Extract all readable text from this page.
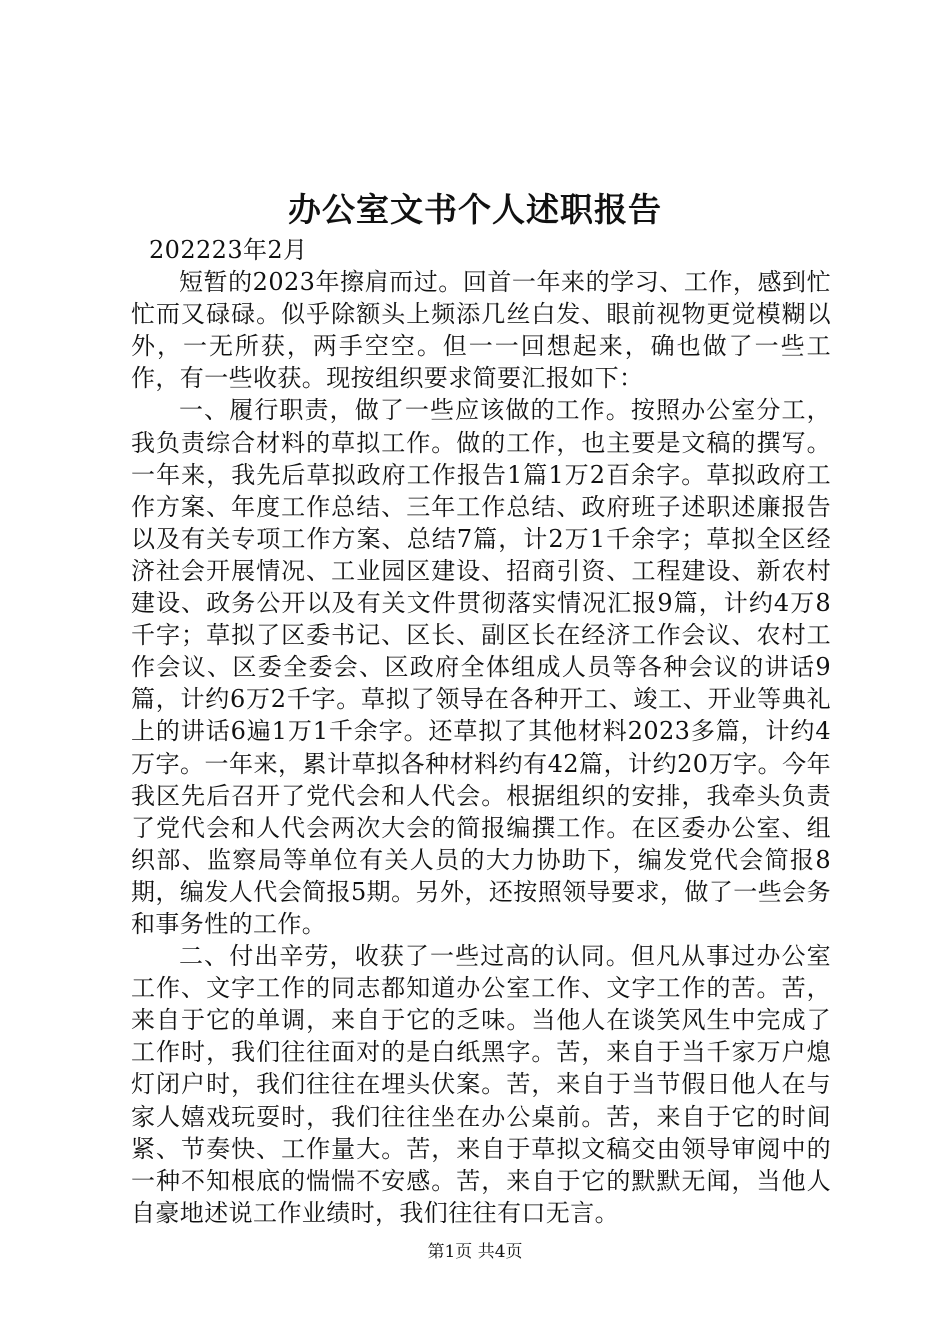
办公室文书个人述职报告

202223年2月

短暂的2023年擦肩而过。回首一年来的学习、工作，感到忙忙而又碌碌。似乎除额头上频添几丝白发、眼前视物更觉模糊以外，一无所获，两手空空。但一一回想起来，确也做了一些工作，有一些收获。现按组织要求简要汇报如下：

一、履行职责，做了一些应该做的工作。按照办公室分工，我负责综合材料的草拟工作。做的工作，也主要是文稿的撰写。一年来，我先后草拟政府工作报告1篇1万2百余字。草拟政府工作方案、年度工作总结、三年工作总结、政府班子述职述廉报告以及有关专项工作方案、总结7篇，计2万1千余字；草拟全区经济社会开展情况、工业园区建设、招商引资、工程建设、新农村建设、政务公开以及有关文件贯彻落实情况汇报9篇，计约4万8千字；草拟了区委书记、区长、副区长在经济工作会议、农村工作会议、区委全委会、区政府全体组成人员等各种会议的讲话9篇，计约6万2千字。草拟了领导在各种开工、竣工、开业等典礼上的讲话6遍1万1千余字。还草拟了其他材料2023多篇，计约4万字。一年来，累计草拟各种材料约有42篇，计约20万字。今年我区先后召开了党代会和人代会。根据组织的安排，我牵头负责了党代会和人代会两次大会的简报编撰工作。在区委办公室、组织部、监察局等单位有关人员的大力协助下，编发党代会简报8期，编发人代会简报5期。另外，还按照领导要求，做了一些会务和事务性的工作。

二、付出辛劳，收获了一些过高的认同。但凡从事过办公室工作、文字工作的同志都知道办公室工作、文字工作的苦。苦，来自于它的单调，来自于它的乏味。当他人在谈笑风生中完成了工作时，我们往往面对的是白纸黑字。苦，来自于当千家万户熄灯闭户时，我们往往在埋头伏案。苦，来自于当节假日他人在与家人嬉戏玩耍时，我们往往坐在办公桌前。苦，来自于它的时间紧、节奏快、工作量大。苦，来自于草拟文稿交由领导审阅中的一种不知根底的惴惴不安感。苦，来自于它的默默无闻，当他人自豪地述说工作业绩时，我们往往有口无言。

第1页 共4页
